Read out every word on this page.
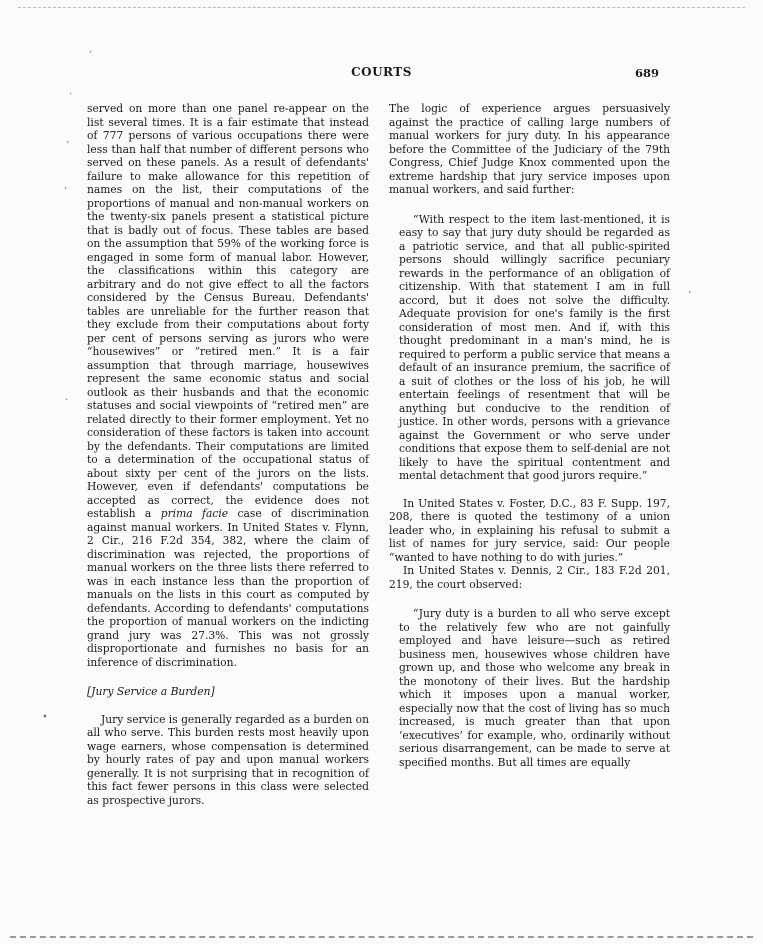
COURTS	689
’
·
‘
‚
·
•
‘

served on more than one panel re-appear on the list several times. It is a fair estimate that instead of 777 persons of various occupations there were less than half that number of different persons who served on these panels. As a result of defendants' failure to make allowance for this repetition of names on the list, their computations of the proportions of manual and non-manual workers on the twenty-six panels present a statistical picture that is badly out of focus. These tables are based on the assumption that 59% of the working force is engaged in some form of manual labor. However, the classifications within this category are arbitrary and do not give effect to all the factors considered by the Census Bureau. Defendants' tables are unreliable for the further reason that they exclude from their computations about forty per cent of persons serving as jurors who were “housewives” or “retired men.” It is a fair assumption that through marriage, housewives represent the same economic status and social outlook as their husbands and that the economic statuses and social viewpoints of “retired men” are related directly to their former employment. Yet no consideration of these factors is taken into account by the defendants. Their computations are limited to a determination of the occupational status of about sixty per cent of the jurors on the lists. However, even if defendants' computations be accepted as correct, the evidence does not establish a prima facie case of discrimination against manual workers. In United States v. Flynn, 2 Cir., 216 F.2d 354, 382, where the claim of discrimination was rejected, the proportions of manual workers on the three lists there referred to was in each instance less than the proportion of manuals on the lists in this court as computed by defendants. According to defendants' computations the proportion of manual workers on the indicting grand jury was 27.3%. This was not grossly disproportionate and furnishes no basis for an inference of discrimination.

[Jury Service a Burden]

Jury service is generally regarded as a burden on all who serve. This burden rests most heavily upon wage earners, whose compensation is determined by hourly rates of pay and upon manual workers generally. It is not surprising that in recognition of this fact fewer persons in this class were selected as prospective jurors.

The logic of experience argues persuasively against the practice of calling large numbers of manual workers for jury duty. In his appearance before the Committee of the Judiciary of the 79th Congress, Chief Judge Knox commented upon the extreme hardship that jury service imposes upon manual workers, and said further:

“With respect to the item last-mentioned, it is easy to say that jury duty should be regarded as a patriotic service, and that all public-spirited persons should willingly sacrifice pecuniary rewards in the performance of an obligation of citizenship. With that statement I am in full accord, but it does not solve the difficulty. Adequate provision for one's family is the first consideration of most men. And if, with this thought predominant in a man's mind, he is required to perform a public service that means a default of an insurance premium, the sacrifice of a suit of clothes or the loss of his job, he will entertain feelings of resentment that will be anything but conducive to the rendition of justice. In other words, persons with a grievance against the Government or who serve under conditions that expose them to self-denial are not likely to have the spiritual contentment and mental detachment that good jurors require.”

In United States v. Foster, D.C., 83 F. Supp. 197, 208, there is quoted the testimony of a union leader who, in explaining his refusal to submit a list of names for jury service, said: Our people “wanted to have nothing to do with juries.”

In United States v. Dennis, 2 Cir., 183 F.2d 201, 219, the court observed:

“Jury duty is a burden to all who serve except to the relatively few who are not gainfully employed and have leisure—such as retired business men, housewives whose children have grown up, and those who welcome any break in the monotony of their lives. But the hardship which it imposes upon a manual worker, especially now that the cost of living has so much increased, is much greater than that upon ‘executives’ for example, who, ordinarily without serious disarrangement, can be made to serve at specified months. But all times are equally
